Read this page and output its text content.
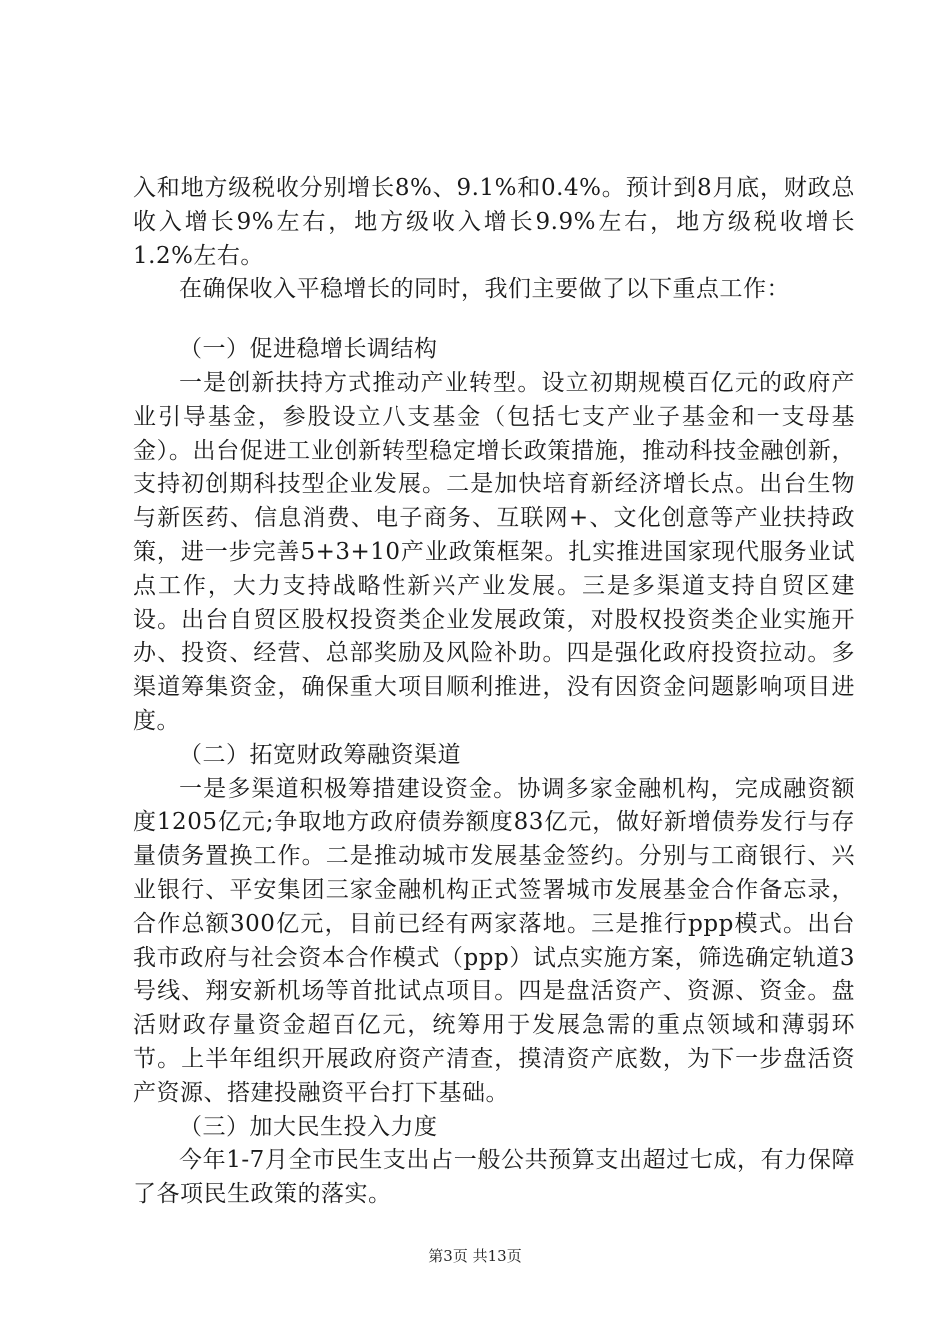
入和地方级税收分别增长8%、9.1%和0.4%。预计到8月底，财政总收入增长9%左右，地方级收入增长9.9%左右，地方级税收增长1.2%左右。

在确保收入平稳增长的同时，我们主要做了以下重点工作：

（一）促进稳增长调结构

一是创新扶持方式推动产业转型。设立初期规模百亿元的政府产业引导基金，参股设立八支基金（包括七支产业子基金和一支母基金）。出台促进工业创新转型稳定增长政策措施，推动科技金融创新，支持初创期科技型企业发展。二是加快培育新经济增长点。出台生物与新医药、信息消费、电子商务、互联网+、文化创意等产业扶持政策，进一步完善5+3+10产业政策框架。扎实推进国家现代服务业试点工作，大力支持战略性新兴产业发展。三是多渠道支持自贸区建设。出台自贸区股权投资类企业发展政策，对股权投资类企业实施开办、投资、经营、总部奖励及风险补助。四是强化政府投资拉动。多渠道筹集资金，确保重大项目顺利推进，没有因资金问题影响项目进度。

（二）拓宽财政筹融资渠道

一是多渠道积极筹措建设资金。协调多家金融机构，完成融资额度1205亿元;争取地方政府债券额度83亿元，做好新增债券发行与存量债务置换工作。二是推动城市发展基金签约。分别与工商银行、兴业银行、平安集团三家金融机构正式签署城市发展基金合作备忘录，合作总额300亿元，目前已经有两家落地。三是推行ppp模式。出台我市政府与社会资本合作模式（ppp）试点实施方案，筛选确定轨道3号线、翔安新机场等首批试点项目。四是盘活资产、资源、资金。盘活财政存量资金超百亿元，统筹用于发展急需的重点领域和薄弱环节。上半年组织开展政府资产清查，摸清资产底数，为下一步盘活资产资源、搭建投融资平台打下基础。

（三）加大民生投入力度

今年1-7月全市民生支出占一般公共预算支出超过七成，有力保障了各项民生政策的落实。

第3页 共13页
